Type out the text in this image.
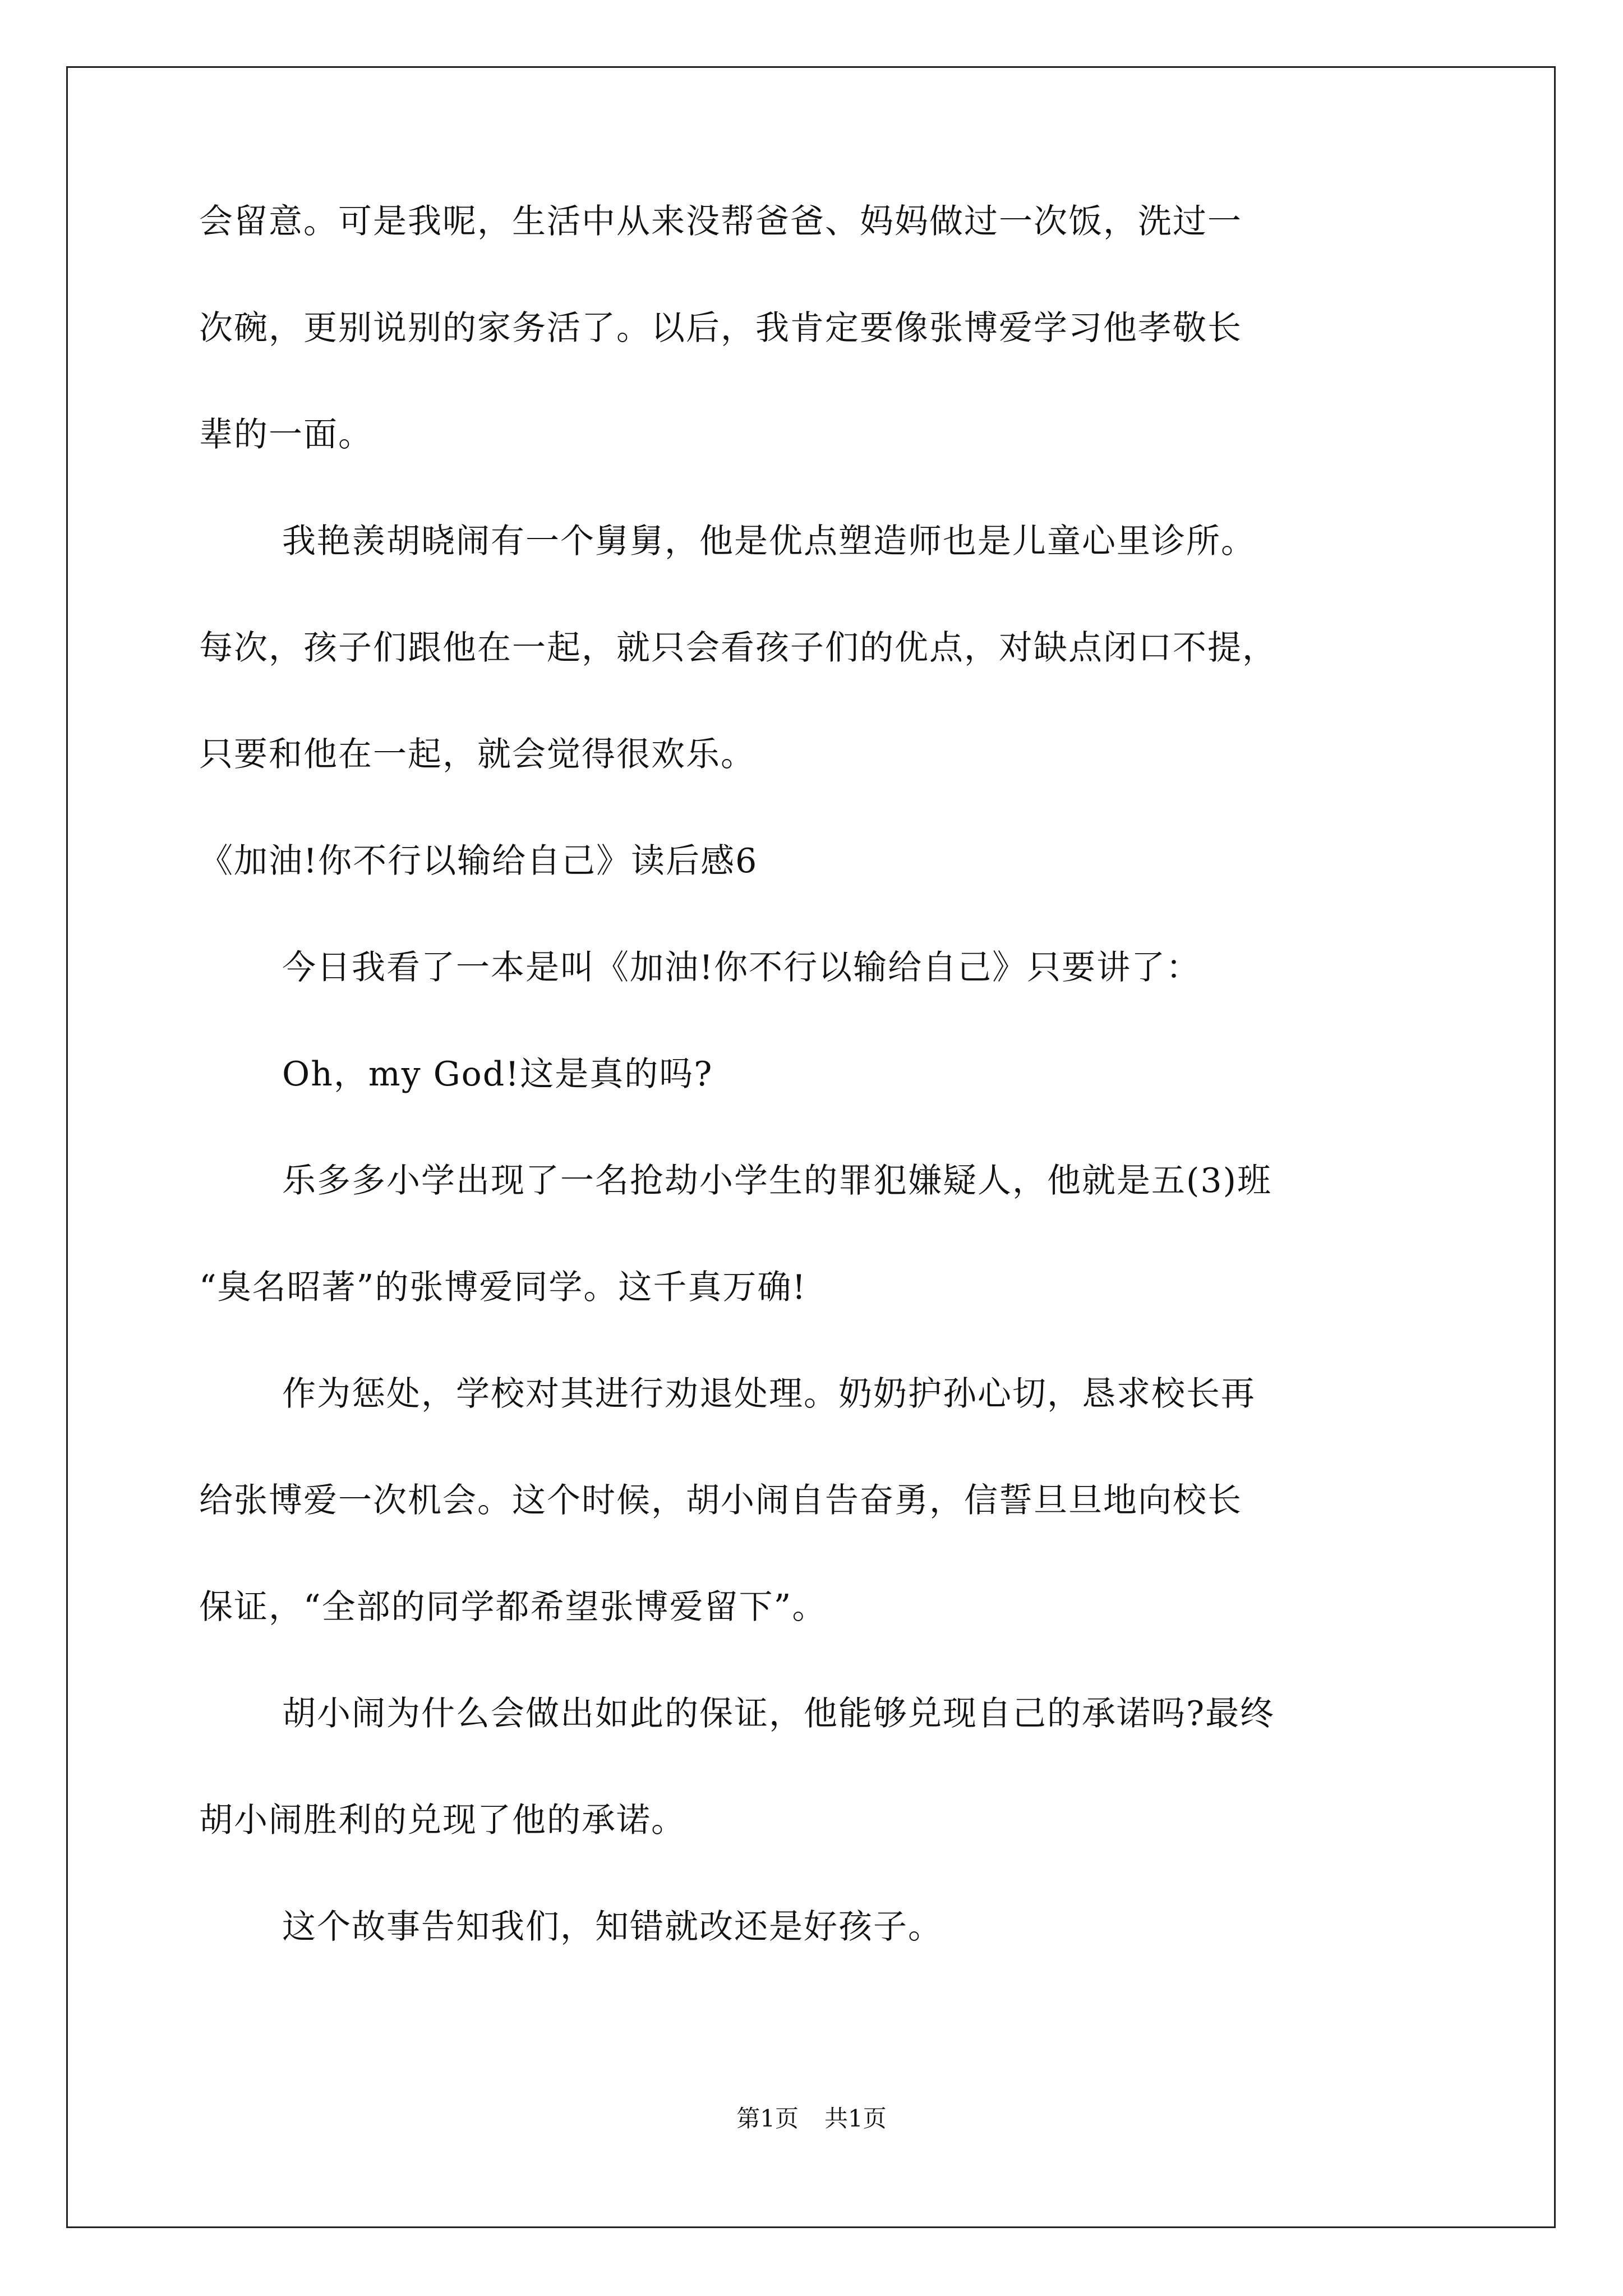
会留意。可是我呢，生活中从来没帮爸爸、妈妈做过一次饭，洗过一
次碗，更别说别的家务活了。以后，我肯定要像张博爱学习他孝敬长
辈的一面。
我艳羡胡晓闹有一个舅舅，他是优点塑造师也是儿童心里诊所。
每次，孩子们跟他在一起，就只会看孩子们的优点，对缺点闭口不提，
只要和他在一起，就会觉得很欢乐。
《加油!你不行以输给自己》读后感6
今日我看了一本是叫《加油!你不行以输给自己》只要讲了：
Oh，my God!这是真的吗?
乐多多小学出现了一名抢劫小学生的罪犯嫌疑人，他就是五(3)班
“臭名昭著”的张博爱同学。这千真万确!
作为惩处，学校对其进行劝退处理。奶奶护孙心切，恳求校长再
给张博爱一次机会。这个时候，胡小闹自告奋勇，信誓旦旦地向校长
保证，“全部的同学都希望张博爱留下”。
胡小闹为什么会做出如此的保证，他能够兑现自己的承诺吗?最终
胡小闹胜利的兑现了他的承诺。
这个故事告知我们，知错就改还是好孩子。
第1页 共1页
